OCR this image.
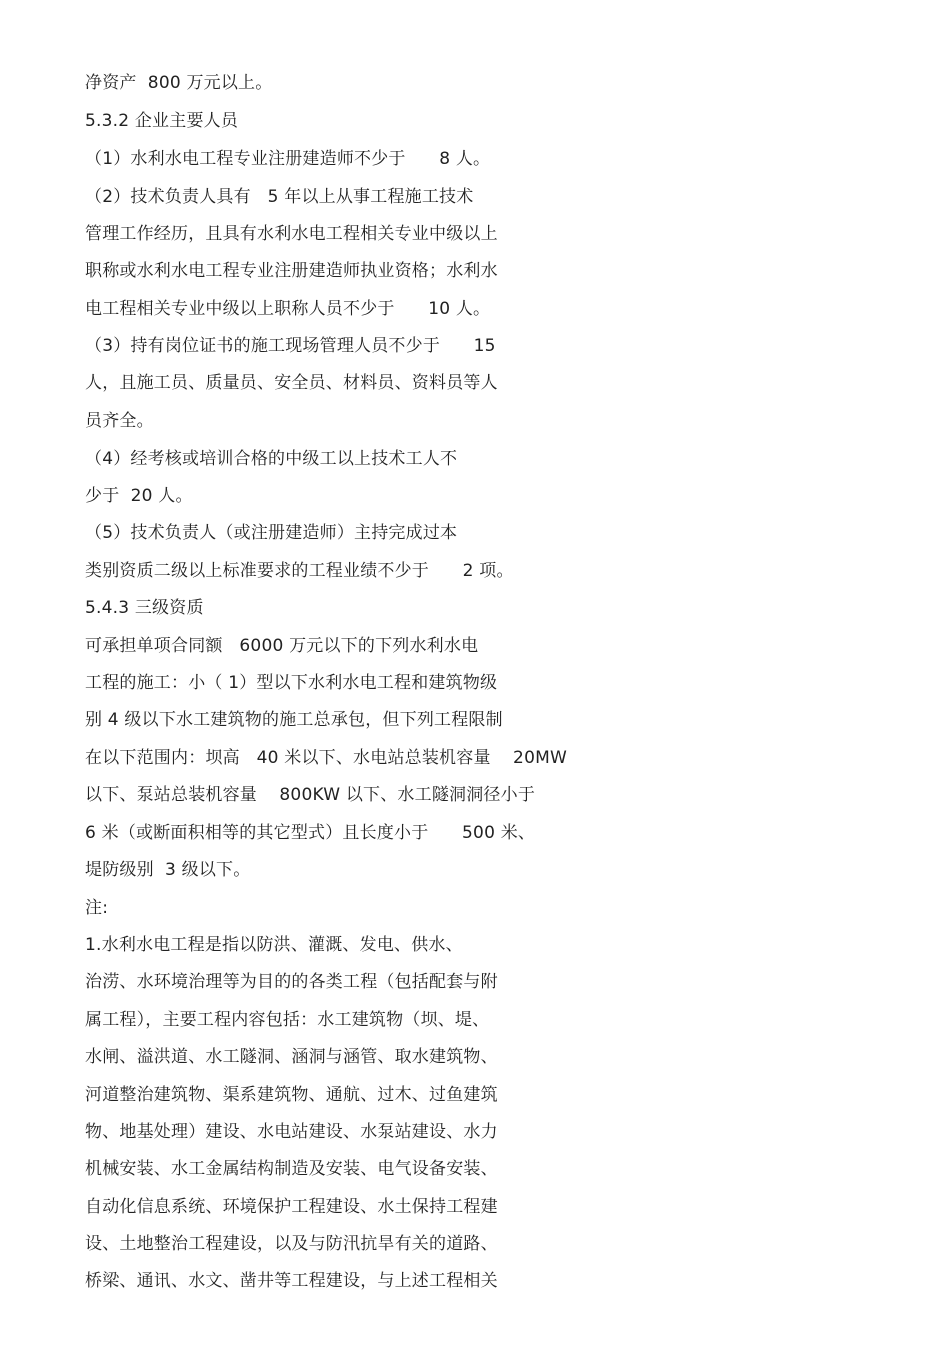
净资产  800 万元以上。
5.3.2 企业主要人员
（1）水利水电工程专业注册建造师不少于      8 人。
（2）技术负责人具有   5 年以上从事工程施工技术
管理工作经历，且具有水利水电工程相关专业中级以上
职称或水利水电工程专业注册建造师执业资格；水利水
电工程相关专业中级以上职称人员不少于      10 人。
（3）持有岗位证书的施工现场管理人员不少于      15
人，且施工员、质量员、安全员、材料员、资料员等人
员齐全。
（4）经考核或培训合格的中级工以上技术工人不
少于  20 人。
（5）技术负责人（或注册建造师）主持完成过本
类别资质二级以上标准要求的工程业绩不少于      2 项。
5.4.3 三级资质
可承担单项合同额   6000 万元以下的下列水利水电
工程的施工：小（ 1）型以下水利水电工程和建筑物级
别 4 级以下水工建筑物的施工总承包，但下列工程限制
在以下范围内：坝高   40 米以下、水电站总装机容量    20MW
以下、泵站总装机容量    800KW 以下、水工隧洞洞径小于
6 米（或断面积相等的其它型式）且长度小于      500 米、
堤防级别  3 级以下。
注:
1.水利水电工程是指以防洪、灌溉、发电、供水、
治涝、水环境治理等为目的的各类工程（包括配套与附
属工程），主要工程内容包括：水工建筑物（坝、堤、
水闸、溢洪道、水工隧洞、涵洞与涵管、取水建筑物、
河道整治建筑物、渠系建筑物、通航、过木、过鱼建筑
物、地基处理）建设、水电站建设、水泵站建设、水力
机械安装、水工金属结构制造及安装、电气设备安装、
自动化信息系统、环境保护工程建设、水土保持工程建
设、土地整治工程建设，以及与防汛抗旱有关的道路、
桥梁、通讯、水文、凿井等工程建设，与上述工程相关
